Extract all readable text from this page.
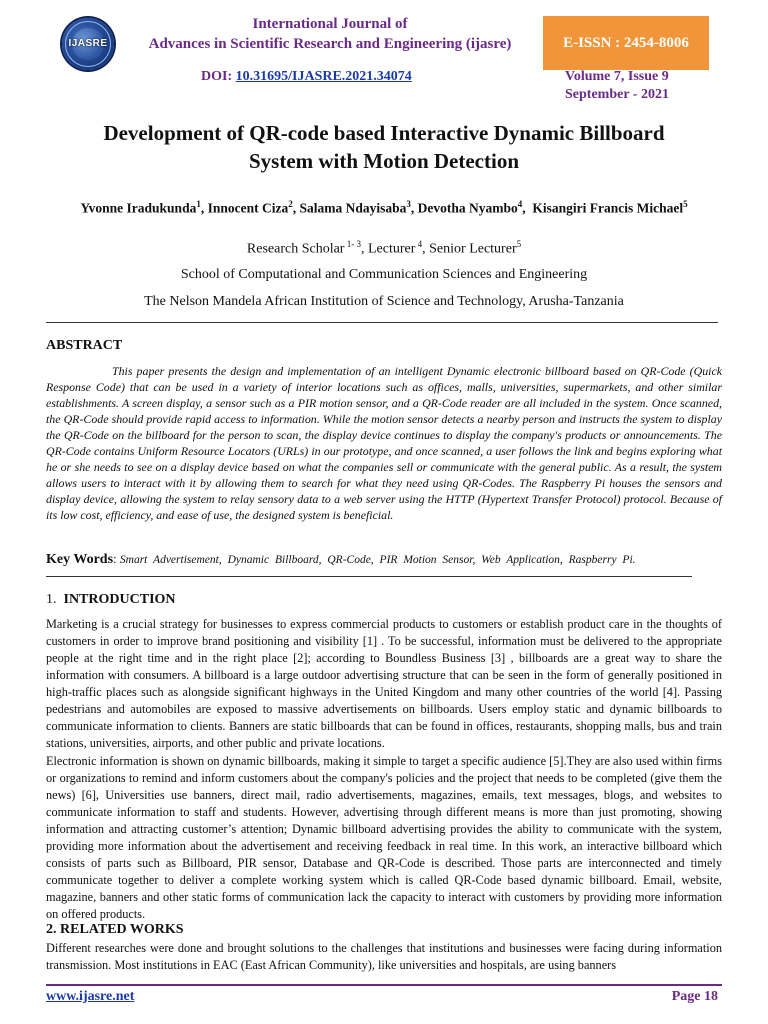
IJASRE
International Journal of
Advances in Scientific Research and Engineering (ijasre)	E-ISSN : 2454-8006
DOI: 10.31695/IJASRE.2021.34074	Volume 7, Issue 9
September - 2021
Development of QR-code based Interactive Dynamic Billboard
System with Motion Detection
Yvonne Iradukunda$^1$, Innocent Ciza$^2$, Salama Ndayisaba$^3$, Devotha Nyambo$^4$,  Kisangiri Francis Michael$^5$
Research Scholar $^{1- 3}$, Lecturer $^4$, Senior Lecturer$^5$
School of Computational and Communication Sciences and Engineering
The Nelson Mandela African Institution of Science and Technology, Arusha-Tanzania
ABSTRACT

This paper presents the design and implementation of an intelligent Dynamic electronic billboard based on QR-Code (Quick Response Code) that can be used in a variety of interior locations such as offices, malls, universities, supermarkets, and other similar establishments. A screen display, a sensor such as a PIR motion sensor, and a QR-Code reader are all included in the system. Once scanned, the QR-Code should provide rapid access to information. While the motion sensor detects a nearby person and instructs the system to display the QR-Code on the billboard for the person to scan, the display device continues to display the company's products or announcements. The QR-Code contains Uniform Resource Locators (URLs) in our prototype, and once scanned, a user follows the link and begins exploring what he or she needs to see on a display device based on what the companies sell or communicate with the general public. As a result, the system allows users to interact with it by allowing them to search for what they need using QR-Codes. The Raspberry Pi houses the sensors and display device, allowing the system to relay sensory data to a web server using the HTTP (Hypertext Transfer Protocol) protocol. Because of its low cost, efficiency, and ease of use, the designed system is beneficial.

Key Words: Smart Advertisement, Dynamic Billboard, QR-Code, PIR Motion Sensor, Web Application, Raspberry Pi.
1. INTRODUCTION

Marketing is a crucial strategy for businesses to express commercial products to customers or establish product care in the thoughts of customers in order to improve brand positioning and visibility [1] . To be successful, information must be delivered to the appropriate people at the right time and in the right place [2]; according to Boundless Business [3] , billboards are a great way to share the information with consumers. A billboard is a large outdoor advertising structure that can be seen in the form of generally positioned in high-traffic places such as alongside significant highways in the United Kingdom and many other countries of the world [4]. Passing pedestrians and automobiles are exposed to massive advertisements on billboards. Users employ static and dynamic billboards to communicate information to clients. Banners are static billboards that can be found in offices, restaurants, shopping malls, bus and train stations, universities, airports, and other public and private locations.

Electronic information is shown on dynamic billboards, making it simple to target a specific audience [5].They are also used within firms or organizations to remind and inform customers about the company's policies and the project that needs to be completed (give them the news) [6], Universities use banners, direct mail, radio advertisements, magazines, emails, text messages, blogs, and websites to communicate information to staff and students. However, advertising through different means is more than just promoting, showing information and attracting customer’s attention; Dynamic billboard advertising provides the ability to communicate with the system, providing more information about the advertisement and receiving feedback in real time. In this work, an interactive billboard which consists of parts such as Billboard, PIR sensor, Database and QR-Code is described. Those parts are interconnected and timely communicate together to deliver a complete working system which is called QR-Code based dynamic billboard. Email, website, magazine, banners and other static forms of communication lack the capacity to interact with customers by providing more information on offered products.

2. RELATED WORKS

Different researches were done and brought solutions to the challenges that institutions and businesses were facing during information transmission. Most institutions in EAC (East African Community), like universities and hospitals, are using banners

www.ijasre.net	Page 18
